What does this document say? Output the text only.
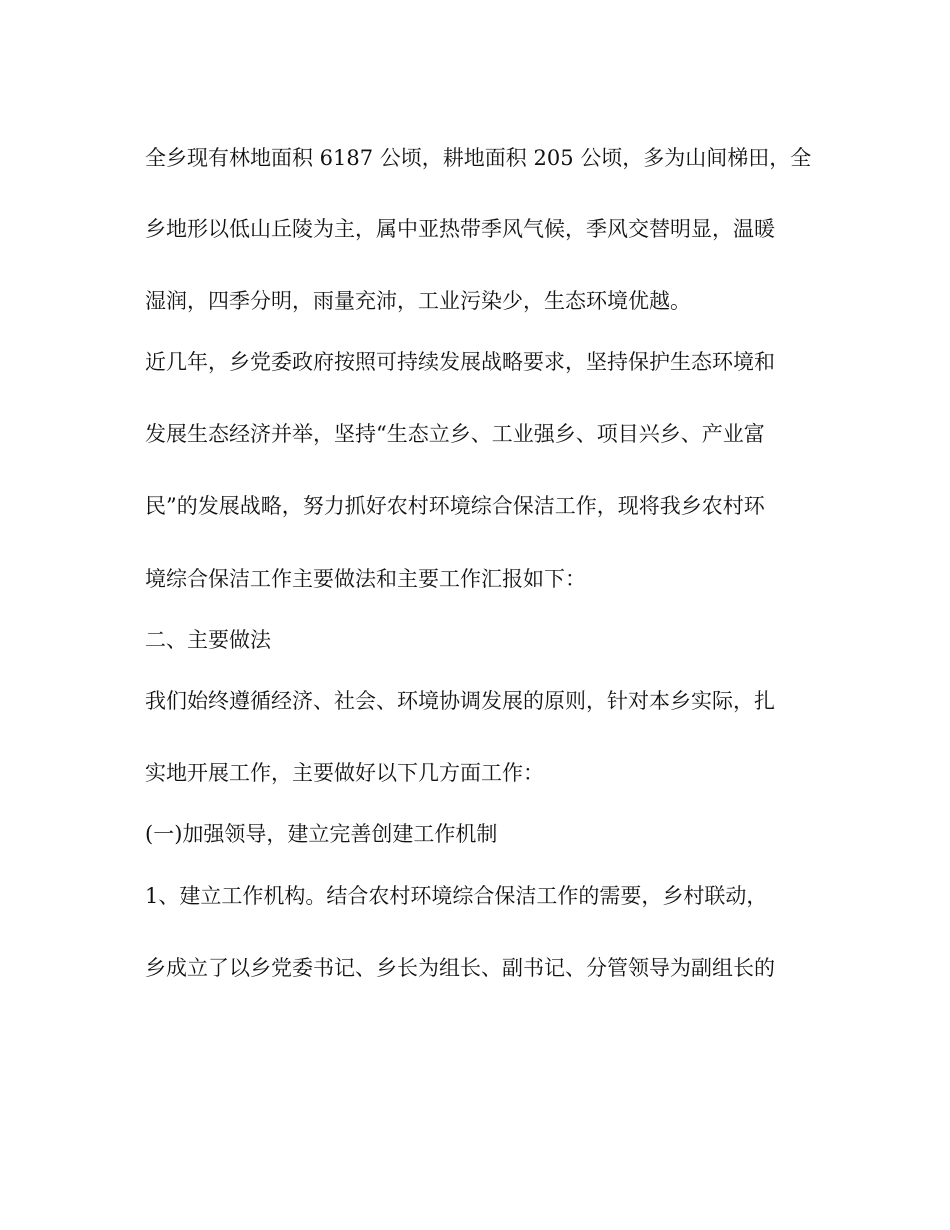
全乡现有林地面积 6187 公顷，耕地面积 205 公顷，多为山间梯田，全
乡地形以低山丘陵为主，属中亚热带季风气候，季风交替明显，温暖
湿润，四季分明，雨量充沛，工业污染少，生态环境优越。
近几年，乡党委政府按照可持续发展战略要求，坚持保护生态环境和
发展生态经济并举，坚持“生态立乡、工业强乡、项目兴乡、产业富
民”的发展战略，努力抓好农村环境综合保洁工作，现将我乡农村环
境综合保洁工作主要做法和主要工作汇报如下：
二、主要做法
我们始终遵循经济、社会、环境协调发展的原则，针对本乡实际，扎
实地开展工作，主要做好以下几方面工作：
(一)加强领导，建立完善创建工作机制
1、建立工作机构。结合农村环境综合保洁工作的需要，乡村联动，
乡成立了以乡党委书记、乡长为组长、副书记、分管领导为副组长的
